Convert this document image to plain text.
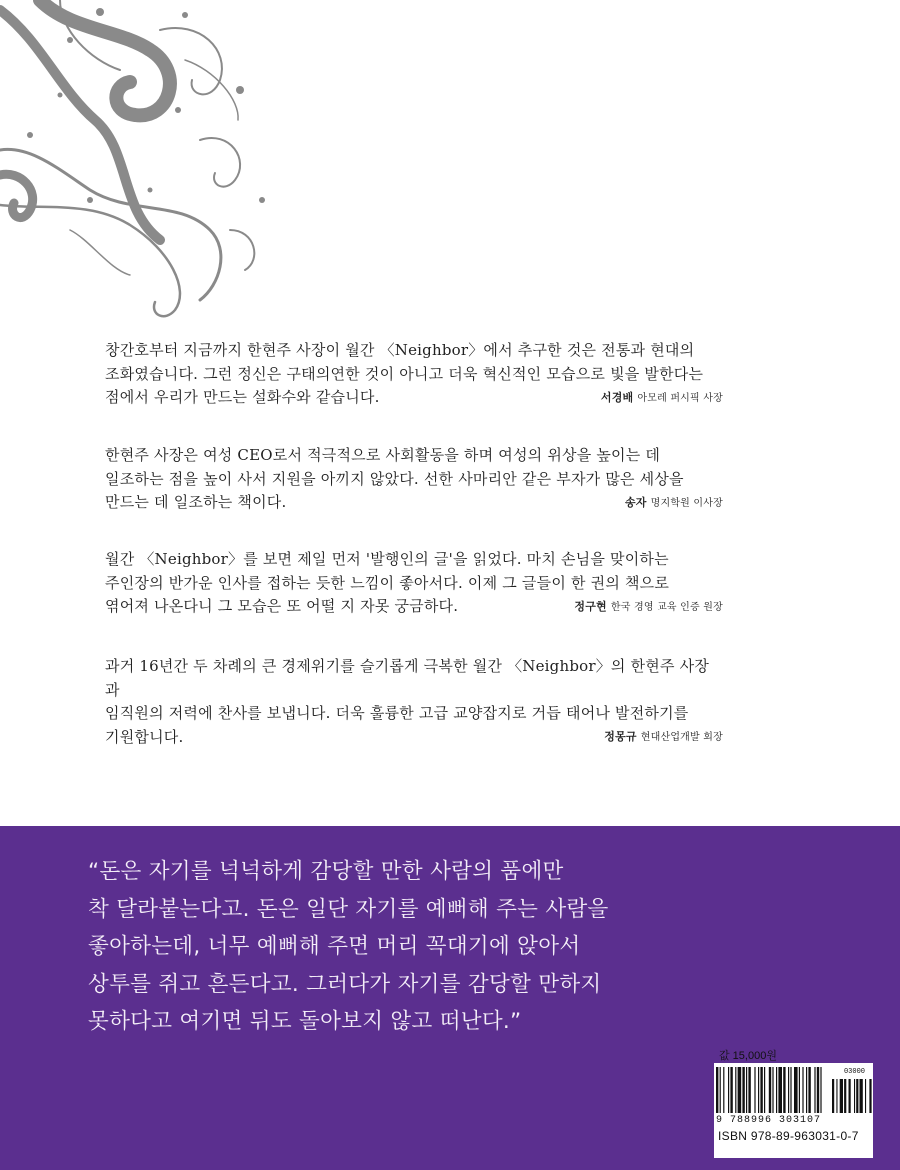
창간호부터 지금까지 한현주 사장이 월간 〈Neighbor〉에서 추구한 것은 전통과 현대의

조화였습니다. 그런 정신은 구태의연한 것이 아니고 더욱 혁신적인 모습으로 빛을 발한다는

점에서 우리가 만드는 설화수와 같습니다.	서경배 아모레 퍼시픽 사장

한현주 사장은 여성 CEO로서 적극적으로 사회활동을 하며 여성의 위상을 높이는 데

일조하는 점을 높이 사서 지원을 아끼지 않았다. 선한 사마리안 같은 부자가 많은 세상을

만드는 데 일조하는 책이다.	송자 명지학원 이사장

월간 〈Neighbor〉를 보면 제일 먼저 '발행인의 글'을 읽었다. 마치 손님을 맞이하는

주인장의 반가운 인사를 접하는 듯한 느낌이 좋아서다. 이제 그 글들이 한 권의 책으로

엮어져 나온다니 그 모습은 또 어떨 지 자못 궁금하다.	정구현 한국 경영 교육 인증 원장

과거 16년간 두 차례의 큰 경제위기를 슬기롭게 극복한 월간 〈Neighbor〉의 한현주 사장과

임직원의 저력에 찬사를 보냅니다. 더욱 훌륭한 고급 교양잡지로 거듭 태어나 발전하기를

기원합니다.	정몽규 현대산업개발 회장
“돈은 자기를 넉넉하게 감당할 만한 사람의 품에만
착 달라붙는다고. 돈은 일단 자기를 예뻐해 주는 사람을
좋아하는데, 너무 예뻐해 주면 머리 꼭대기에 앉아서
상투를 쥐고 흔든다고. 그러다가 자기를 감당할 만하지
못하다고 여기면 뒤도 돌아보지 않고 떠난다.”
값 15,000원
03000
9 788996 303107
ISBN 978-89-963031-0-7
